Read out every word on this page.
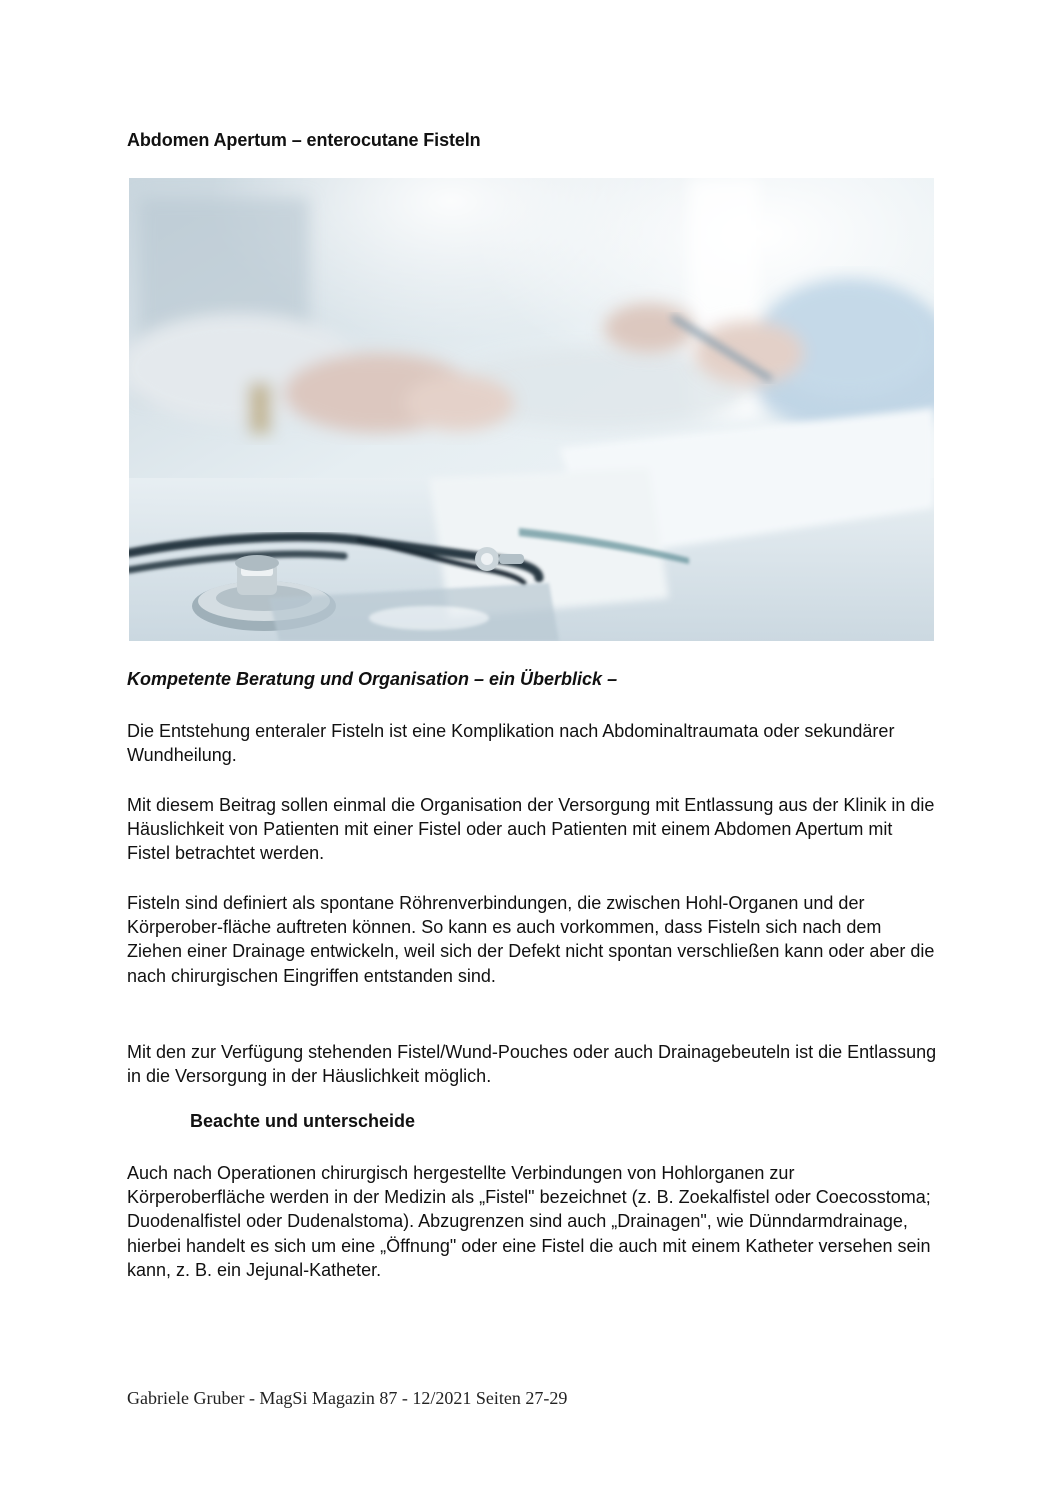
Abdomen Apertum – enterocutane Fisteln
Kompetente Beratung und Organisation – ein Überblick –

Die Entstehung enteraler Fisteln ist eine Komplikation nach Abdominaltraumata oder sekundärer Wundheilung.

Mit diesem Beitrag sollen einmal die Organisation der Versorgung mit Entlassung aus der Klinik in die Häuslichkeit von Patienten mit einer Fistel oder auch Patienten mit einem Abdomen Apertum mit Fistel betrachtet werden.

Fisteln sind definiert als spontane Röhrenverbindungen, die zwischen Hohl-Organen und der Körperober-fläche auftreten können. So kann es auch vorkommen, dass Fisteln sich nach dem Ziehen einer Drainage entwickeln, weil sich der Defekt nicht spontan verschließen kann oder aber die nach chirurgischen Eingriffen entstanden sind.

Mit den zur Verfügung stehenden Fistel/Wund-Pouches oder auch Drainagebeuteln ist die Entlassung in die Versorgung in der Häuslichkeit möglich.

Beachte und unterscheide

Auch nach Operationen chirurgisch hergestellte Verbindungen von Hohlorganen zur Körperoberfläche werden in der Medizin als „Fistel" bezeichnet (z. B. Zoekalfistel oder Coecosstoma; Duodenalfistel oder Dudenalstoma). Abzugrenzen sind auch „Drainagen", wie Dünndarmdrainage, hierbei handelt es sich um eine „Öffnung" oder eine Fistel die auch mit einem Katheter versehen sein kann, z. B. ein Jejunal-Katheter.

Gabriele Gruber - MagSi Magazin 87 - 12/2021 Seiten 27-29
